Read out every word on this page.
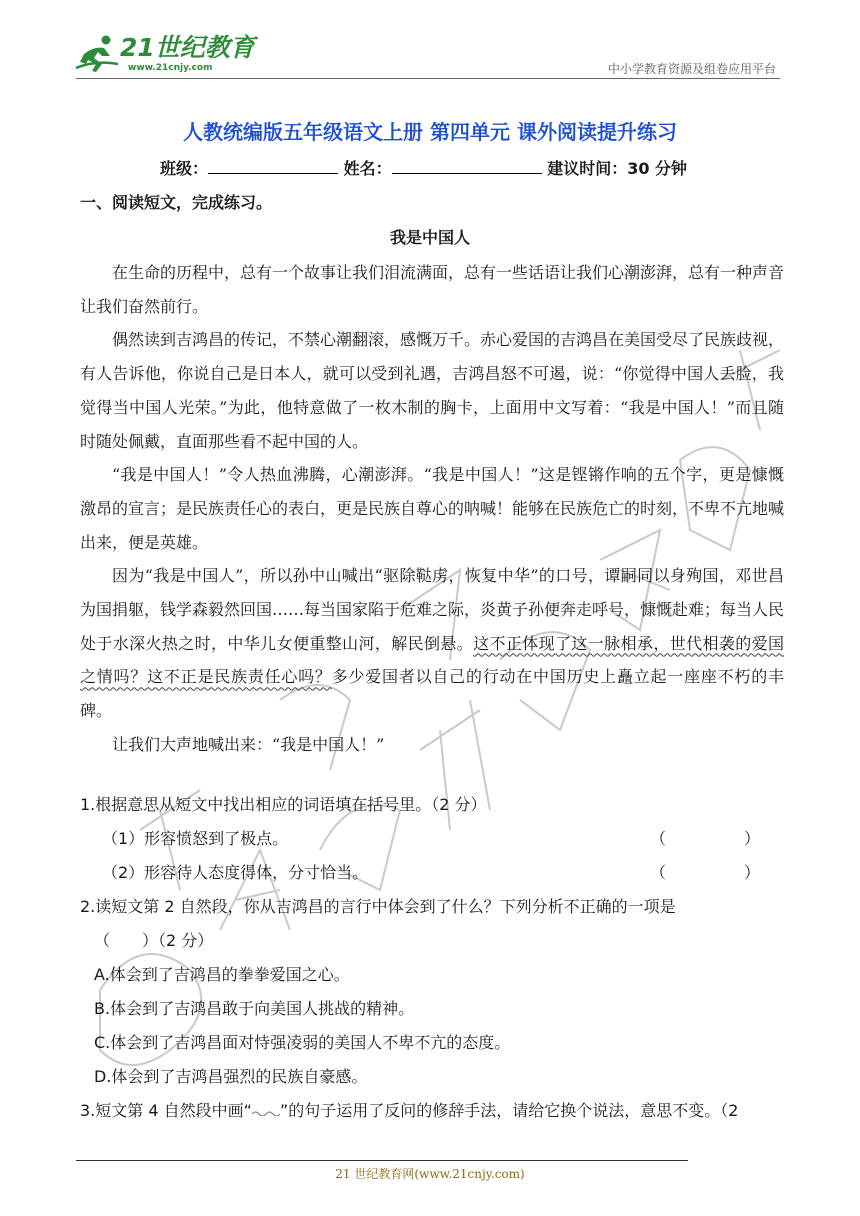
21世纪教育
www.21cnjy.com	中小学教育资源及组卷应用平台
人教统编版五年级语文上册 第四单元 课外阅读提升练习
班级：	姓名：	建议时间：30 分钟
一、阅读短文，完成练习。
我是中国人

在生命的历程中，总有一个故事让我们泪流满面，总有一些话语让我们心潮澎湃，总有一种声音让我们奋然前行。

偶然读到吉鸿昌的传记，不禁心潮翻滚，感慨万千。赤心爱国的吉鸿昌在美国受尽了民族歧视，有人告诉他，你说自己是日本人，就可以受到礼遇，吉鸿昌怒不可遏，说：“你觉得中国人丢脸，我觉得当中国人光荣。”为此，他特意做了一枚木制的胸卡，上面用中文写着：“我是中国人！”而且随时随处佩戴，直面那些看不起中国的人。

“我是中国人！”令人热血沸腾，心潮澎湃。“我是中国人！”这是铿锵作响的五个字，更是慷慨激昂的宣言；是民族责任心的表白，更是民族自尊心的呐喊！能够在民族危亡的时刻，不卑不亢地喊出来，便是英雄。

因为“我是中国人”，所以孙中山喊出“驱除鞑虏，恢复中华”的口号，谭嗣同以身殉国，邓世昌为国捐躯，钱学森毅然回国……每当国家陷于危难之际，炎黄子孙便奔走呼号，慷慨赴难；每当人民处于水深火热之时，中华儿女便重整山河，解民倒悬。这不正体现了这一脉相承，世代相袭的爱国之情吗？这不正是民族责任心吗？多少爱国者以自己的行动在中国历史上矗立起一座座不朽的丰碑。

让我们大声地喊出来：“我是中国人！”

1.根据意思从短文中找出相应的词语填在括号里。（2 分）
（1）形容愤怒到了极点。	（	）
（2）形容待人态度得体，分寸恰当。	（	）
2.读短文第 2 自然段，你从吉鸿昌的言行中体会到了什么？下列分析不正确的一项是
（　　）（2 分）
A.体会到了吉鸿昌的拳拳爱国之心。
B.体会到了吉鸿昌敢于向美国人挑战的精神。
C.体会到了吉鸿昌面对恃强凌弱的美国人不卑不亢的态度。
D.体会到了吉鸿昌强烈的民族自豪感。
3.短文第 4 自然段中画“ ”的句子运用了反问的修辞手法，请给它换个说法，意思不变。（2
21 世纪教育网(www.21cnjy.com)
